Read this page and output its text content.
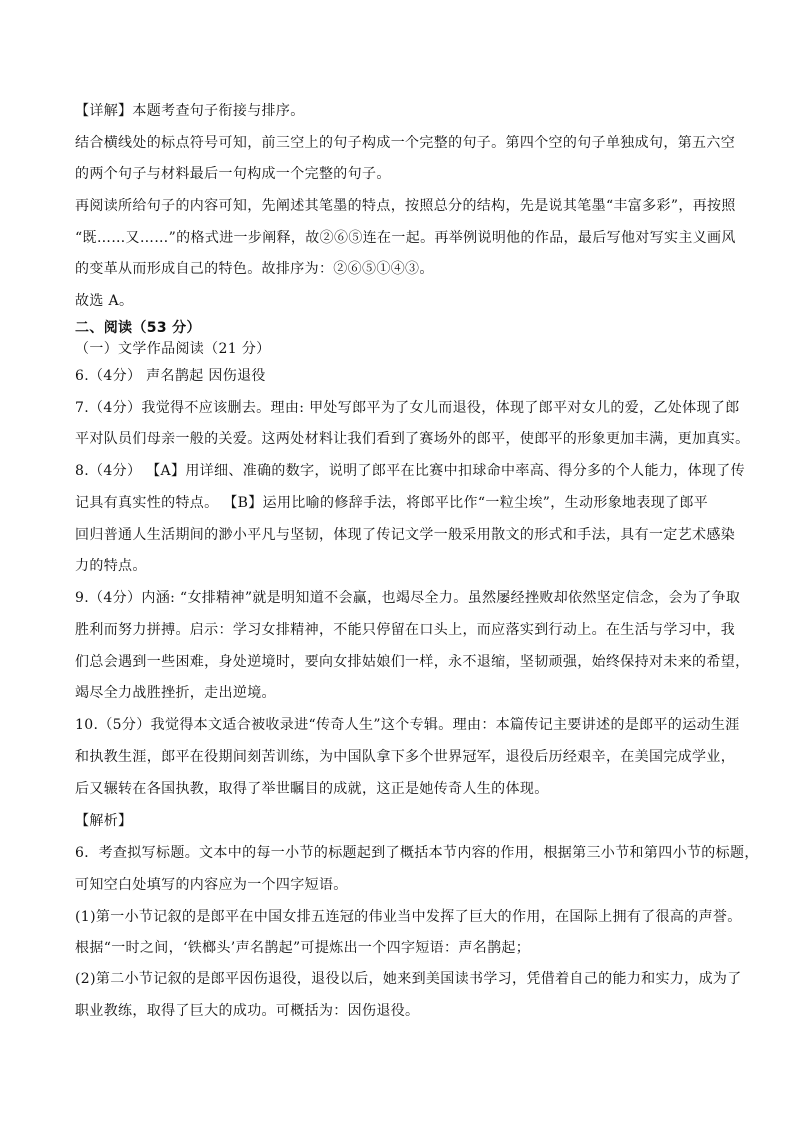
【详解】本题考查句子衔接与排序。
结合横线处的标点符号可知，前三空上的句子构成一个完整的句子。第四个空的句子单独成句，第五六空
的两个句子与材料最后一句构成一个完整的句子。
再阅读所给句子的内容可知，先阐述其笔墨的特点，按照总分的结构，先是说其笔墨“丰富多彩”，再按照
“既……又……”的格式进一步阐释，故②⑥⑤连在一起。再举例说明他的作品，最后写他对写实主义画风
的变革从而形成自己的特色。故排序为：②⑥⑤①④③。
故选 A。
二、阅读（53 分）
（一）文学作品阅读（21 分）
6.（4分） 声名鹊起 因伤退役
7.（4分）我觉得不应该删去。理由: 甲处写郎平为了女儿而退役，体现了郎平对女儿的爱，乙处体现了郎
平对队员们母亲一般的关爱。这两处材料让我们看到了赛场外的郎平，使郎平的形象更加丰满，更加真实。
8.（4分） 【A】用详细、准确的数字，说明了郎平在比赛中扣球命中率高、得分多的个人能力，体现了传
记具有真实性的特点。 【B】运用比喻的修辞手法，将郎平比作“一粒尘埃”，生动形象地表现了郎平
回归普通人生活期间的渺小平凡与坚韧，体现了传记文学一般采用散文的形式和手法，具有一定艺术感染
力的特点。
9.（4分）内涵: “女排精神”就是明知道不会赢，也竭尽全力。虽然屡经挫败却依然坚定信念，会为了争取
胜利而努力拼搏。启示：学习女排精神，不能只停留在口头上，而应落实到行动上。在生活与学习中，我
们总会遇到一些困难，身处逆境时，要向女排姑娘们一样，永不退缩，坚韧顽强，始终保持对未来的希望，
竭尽全力战胜挫折，走出逆境。
10.（5分）我觉得本文适合被收录进“传奇人生”这个专辑。理由：本篇传记主要讲述的是郎平的运动生涯
和执教生涯，郎平在役期间刻苦训练，为中国队拿下多个世界冠军，退役后历经艰辛，在美国完成学业，
后又辗转在各国执教，取得了举世瞩目的成就，这正是她传奇人生的体现。
【解析】
6．考查拟写标题。文本中的每一小节的标题起到了概括本节内容的作用，根据第三小节和第四小节的标题，
可知空白处填写的内容应为一个四字短语。
(1)第一小节记叙的是郎平在中国女排五连冠的伟业当中发挥了巨大的作用，在国际上拥有了很高的声誉。
根据“一时之间，‘铁榔头’声名鹊起”可提炼出一个四字短语：声名鹊起；
(2)第二小节记叙的是郎平因伤退役，退役以后，她来到美国读书学习，凭借着自己的能力和实力，成为了
职业教练，取得了巨大的成功。可概括为：因伤退役。
